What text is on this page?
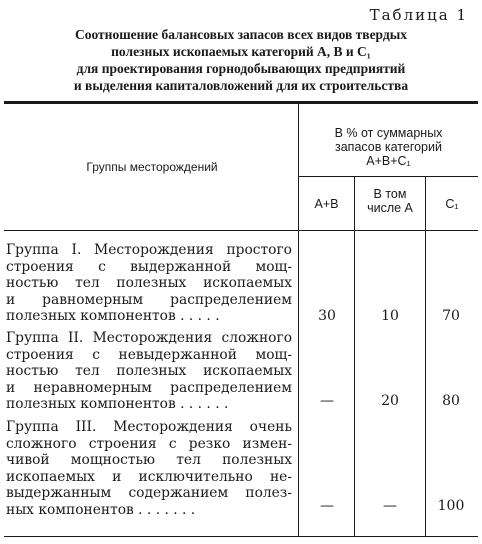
Таблица 1
Соотношение балансовых запасов всех видов твердых
полезных ископаемых категорий А, В и C₁
для проектирования горнодобывающих предприятий
и выделения капиталовложений для их строительства
Группы месторождений
В % от суммарных
запасов категорий
А+В+C₁
А+В
В том
числе А	C₁
Группа I. Месторождения простого
строения с выдержанной мощ-
ностью тел полезных ископаемых
и равномерным распределением
полезных компонентов . . . . .	30	10	70
Группа II. Месторождения сложного
строения с невыдержанной мощ-
ностью тел полезных ископаемых
и неравномерным распределением
полезных компонентов . . . . . .	—	20	80
Группа III. Месторождения очень
сложного строения с резко измен-
чивой мощностью тел полезных
ископаемых и исключительно не-
выдержанным содержанием полез-
ных компонентов . . . . . . .	—	—	100
